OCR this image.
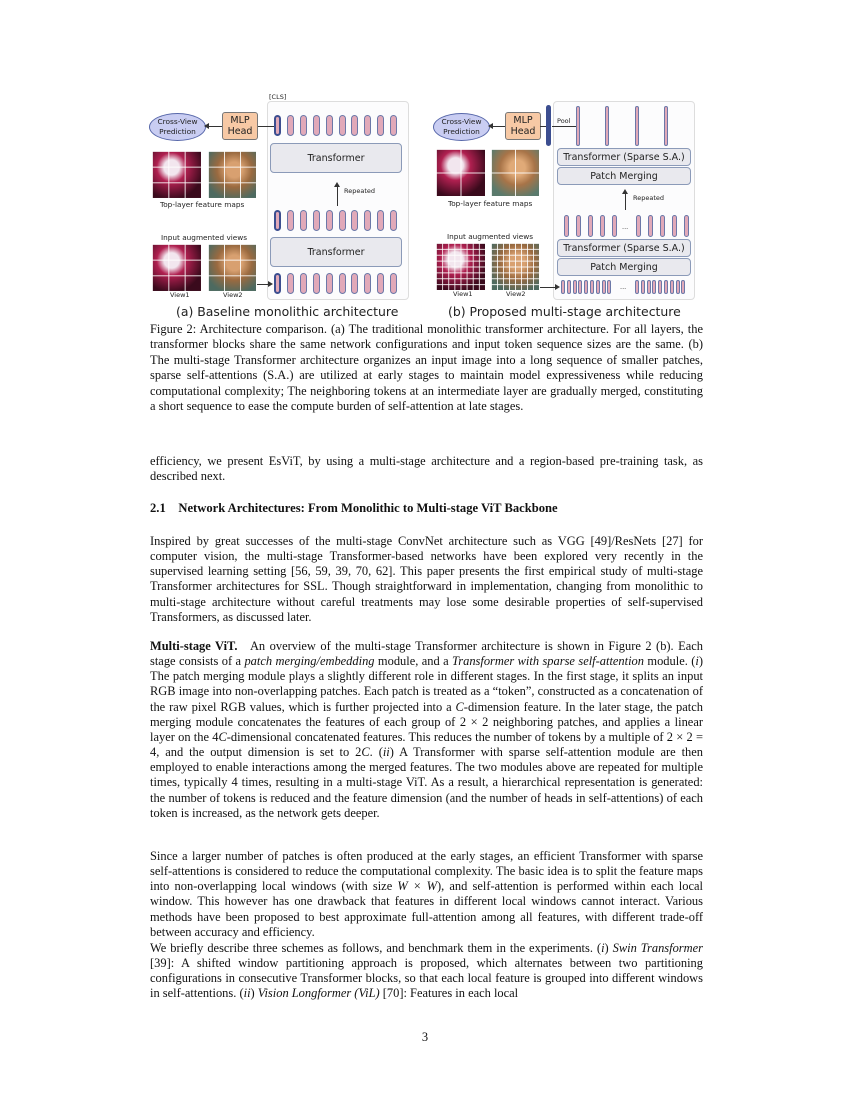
Cross-View Prediction
MLP Head
[CLS]
Transformer
Repeated
Transformer
Top-layer feature maps
Input augmented views
View1	View2
(a) Baseline monolithic architecture
Cross-View Prediction
MLP Head
Pool
Transformer (Sparse S.A.)
Patch Merging
Repeated
...
Transformer (Sparse S.A.)
Patch Merging
...
Top-layer feature maps
Input augmented views
View1	View2
(b) Proposed multi-stage architecture
Figure 2: Architecture comparison. (a) The traditional monolithic transformer architecture. For all layers, the transformer blocks share the same network configurations and input token sequence sizes are the same. (b) The multi-stage Transformer architecture organizes an input image into a long sequence of smaller patches, sparse self-attentions (S.A.) are utilized at early stages to maintain model expressiveness while reducing computational complexity; The neighboring tokens at an intermediate layer are gradually merged, constituting a short sequence to ease the compute burden of self-attention at late stages.
efficiency, we present EsViT, by using a multi-stage architecture and a region-based pre-training task, as described next.
2.1 Network Architectures: From Monolithic to Multi-stage ViT Backbone
Inspired by great successes of the multi-stage ConvNet architecture such as VGG [49]/ResNets [27] for computer vision, the multi-stage Transformer-based networks have been explored very recently in the supervised learning setting [56, 59, 39, 70, 62]. This paper presents the first empirical study of multi-stage Transformer architectures for SSL. Though straightforward in implementation, changing from monolithic to multi-stage architecture without careful treatments may lose some desirable properties of self-supervised Transformers, as discussed later.
Multi-stage ViT. An overview of the multi-stage Transformer architecture is shown in Figure 2 (b). Each stage consists of a patch merging/embedding module, and a Transformer with sparse self-attention module. (i) The patch merging module plays a slightly different role in different stages. In the first stage, it splits an input RGB image into non-overlapping patches. Each patch is treated as a “token”, constructed as a concatenation of the raw pixel RGB values, which is further projected into a C-dimension feature. In the later stage, the patch merging module concatenates the features of each group of 2 × 2 neighboring patches, and applies a linear layer on the 4C-dimensional concatenated features. This reduces the number of tokens by a multiple of 2 × 2 = 4, and the output dimension is set to 2C. (ii) A Transformer with sparse self-attention module are then employed to enable interactions among the merged features. The two modules above are repeated for multiple times, typically 4 times, resulting in a multi-stage ViT. As a result, a hierarchical representation is generated: the number of tokens is reduced and the feature dimension (and the number of heads in self-attentions) of each token is increased, as the network gets deeper.
Since a larger number of patches is often produced at the early stages, an efficient Transformer with sparse self-attentions is considered to reduce the computational complexity. The basic idea is to split the feature maps into non-overlapping local windows (with size W × W), and self-attention is performed within each local window. This however has one drawback that features in different local windows cannot interact. Various methods have been proposed to best approximate full-attention among all features, with different trade-off between accuracy and efficiency.
We briefly describe three schemes as follows, and benchmark them in the experiments. (i) Swin Transformer [39]: A shifted window partitioning approach is proposed, which alternates between two partitioning configurations in consecutive Transformer blocks, so that each local feature is grouped into different windows in self-attentions. (ii) Vision Longformer (ViL) [70]: Features in each local
3
